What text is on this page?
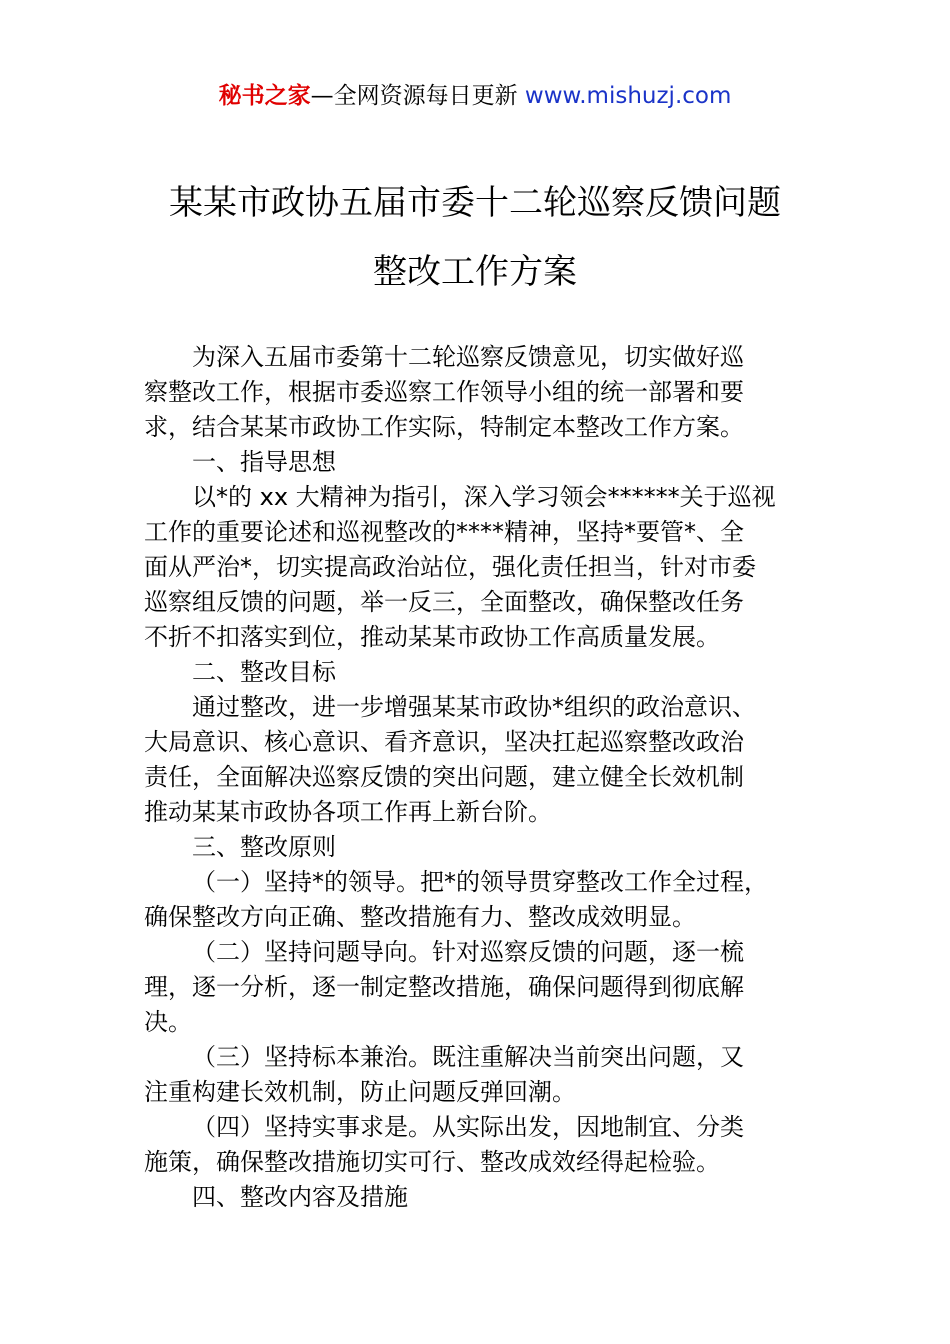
秘书之家—全网资源每日更新 www.mishuzj.com
某某市政协五届市委十二轮巡察反馈问题
整改工作方案
为深入五届市委第十二轮巡察反馈意见，切实做好巡
察整改工作，根据市委巡察工作领导小组的统一部署和要
求，结合某某市政协工作实际，特制定本整改工作方案。
一、指导思想
以*的 xx 大精神为指引，深入学习领会******关于巡视
工作的重要论述和巡视整改的****精神，坚持*要管*、全
面从严治*，切实提高政治站位，强化责任担当，针对市委
巡察组反馈的问题，举一反三，全面整改，确保整改任务
不折不扣落实到位，推动某某市政协工作高质量发展。
二、整改目标
通过整改，进一步增强某某市政协*组织的政治意识、
大局意识、核心意识、看齐意识，坚决扛起巡察整改政治
责任，全面解决巡察反馈的突出问题，建立健全长效机制
推动某某市政协各项工作再上新台阶。
三、整改原则
（一）坚持*的领导。把*的领导贯穿整改工作全过程，
确保整改方向正确、整改措施有力、整改成效明显。
（二）坚持问题导向。针对巡察反馈的问题，逐一梳
理，逐一分析，逐一制定整改措施，确保问题得到彻底解
决。
（三）坚持标本兼治。既注重解决当前突出问题，又
注重构建长效机制，防止问题反弹回潮。
（四）坚持实事求是。从实际出发，因地制宜、分类
施策，确保整改措施切实可行、整改成效经得起检验。
四、整改内容及措施
